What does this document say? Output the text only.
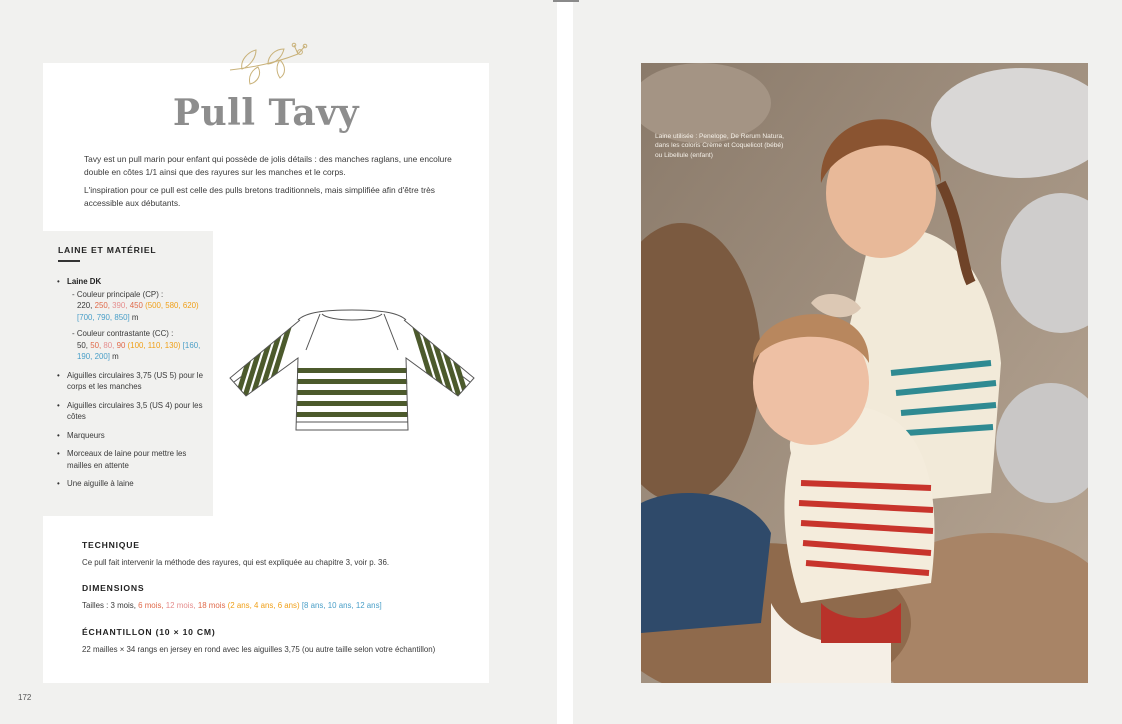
Pull Tavy

Tavy est un pull marin pour enfant qui possède de jolis détails : des manches raglans, une encolure double en côtes 1/1 ainsi que des rayures sur les manches et le corps.

L'inspiration pour ce pull est celle des pulls bretons traditionnels, mais simplifiée afin d'être très accessible aux débutants.

LAINE ET MATÉRIEL
• Laine DK
- Couleur principale (CP) :
220, 250, 390, 450 (500, 580, 620) [700, 790, 850] m
- Couleur contrastante (CC) :
50, 50, 80, 90 (100, 110, 130) [160, 190, 200] m
• Aiguilles circulaires 3,75 (US 5) pour le corps et les manches
• Aiguilles circulaires 3,5 (US 4) pour les côtes
• Marqueurs
• Morceaux de laine pour mettre les mailles en attente
• Une aiguille à laine
TECHNIQUE
Ce pull fait intervenir la méthode des rayures, qui est expliquée au chapitre 3, voir p. 36.
DIMENSIONS
Tailles : 3 mois, 6 mois, 12 mois, 18 mois (2 ans, 4 ans, 6 ans) [8 ans, 10 ans, 12 ans]
ÉCHANTILLON (10 × 10 CM)
22 mailles × 34 rangs en jersey en rond avec les aiguilles 3,75 (ou autre taille selon votre échantillon)
172
Laine utilisée : Penelope, De Rerum Natura, dans les coloris Crème et Coquelicot (bébé) ou Libellule (enfant)
